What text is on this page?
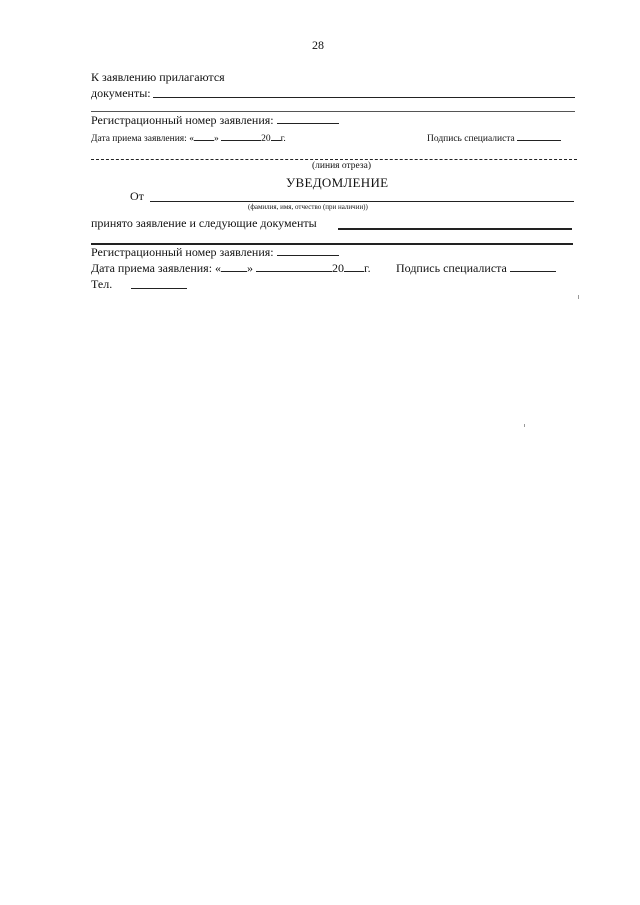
28
К заявлению прилагаются
документы:
Регистрационный номер заявления:
Дата приема заявления: « »	20 г.	Подпись специалиста
(линия отреза)
УВЕДОМЛЕНИЕ
От
(фамилия, имя, отчество (при наличии))
принято заявление и следующие документы
Регистрационный номер заявления:
Дата приема заявления: « »	20 г. Подпись специалиста
Тел.
